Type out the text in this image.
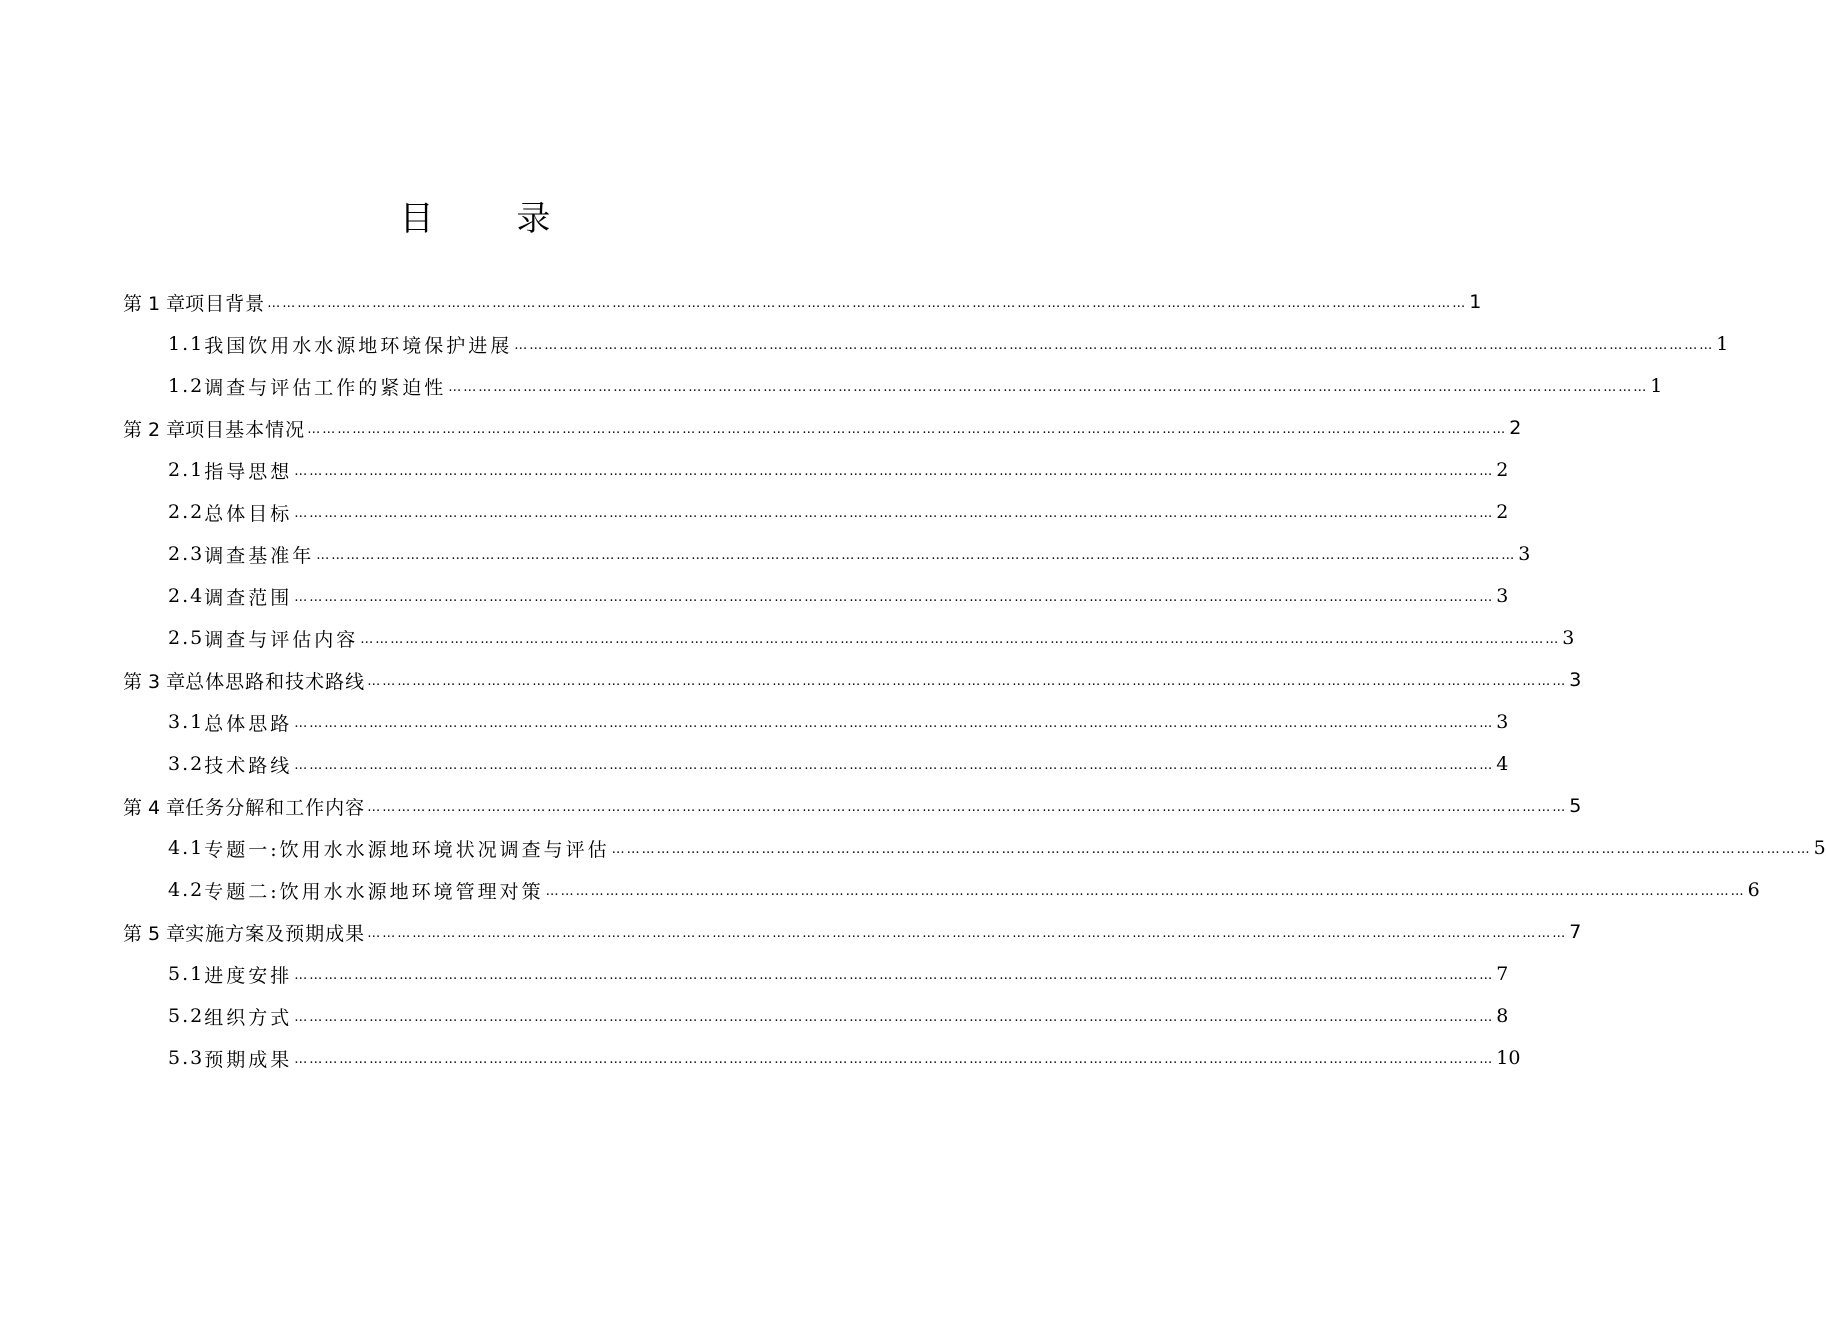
目 录
第 1 章 项目背景 …………………………………………………………………………………………………………………………………………………………………………………………………………………… 1
1.1 我国饮用水水源地环境保护进展 …………………………………………………………………………………………………………………………………………………………………………………………………………………… 1
1.2 调查与评估工作的紧迫性 …………………………………………………………………………………………………………………………………………………………………………………………………………………… 1
第 2 章 项目基本情况 …………………………………………………………………………………………………………………………………………………………………………………………………………………… 2
2.1 指导思想 …………………………………………………………………………………………………………………………………………………………………………………………………………………… 2
2.2 总体目标 …………………………………………………………………………………………………………………………………………………………………………………………………………………… 2
2.3 调查基准年 …………………………………………………………………………………………………………………………………………………………………………………………………………………… 3
2.4 调查范围 …………………………………………………………………………………………………………………………………………………………………………………………………………………… 3
2.5 调查与评估内容 …………………………………………………………………………………………………………………………………………………………………………………………………………………… 3
第 3 章 总体思路和技术路线 …………………………………………………………………………………………………………………………………………………………………………………………………………………… 3
3.1 总体思路 …………………………………………………………………………………………………………………………………………………………………………………………………………………… 3
3.2 技术路线 …………………………………………………………………………………………………………………………………………………………………………………………………………………… 4
第 4 章 任务分解和工作内容 …………………………………………………………………………………………………………………………………………………………………………………………………………………… 5
4.1 专题一:饮用水水源地环境状况调查与评估 …………………………………………………………………………………………………………………………………………………………………………………………………………………… 5
4.2 专题二:饮用水水源地环境管理对策 …………………………………………………………………………………………………………………………………………………………………………………………………………………… 6
第 5 章 实施方案及预期成果 …………………………………………………………………………………………………………………………………………………………………………………………………………………… 7
5.1 进度安排 …………………………………………………………………………………………………………………………………………………………………………………………………………………… 7
5.2 组织方式 …………………………………………………………………………………………………………………………………………………………………………………………………………………… 8
5.3 预期成果 …………………………………………………………………………………………………………………………………………………………………………………………………………………… 10
